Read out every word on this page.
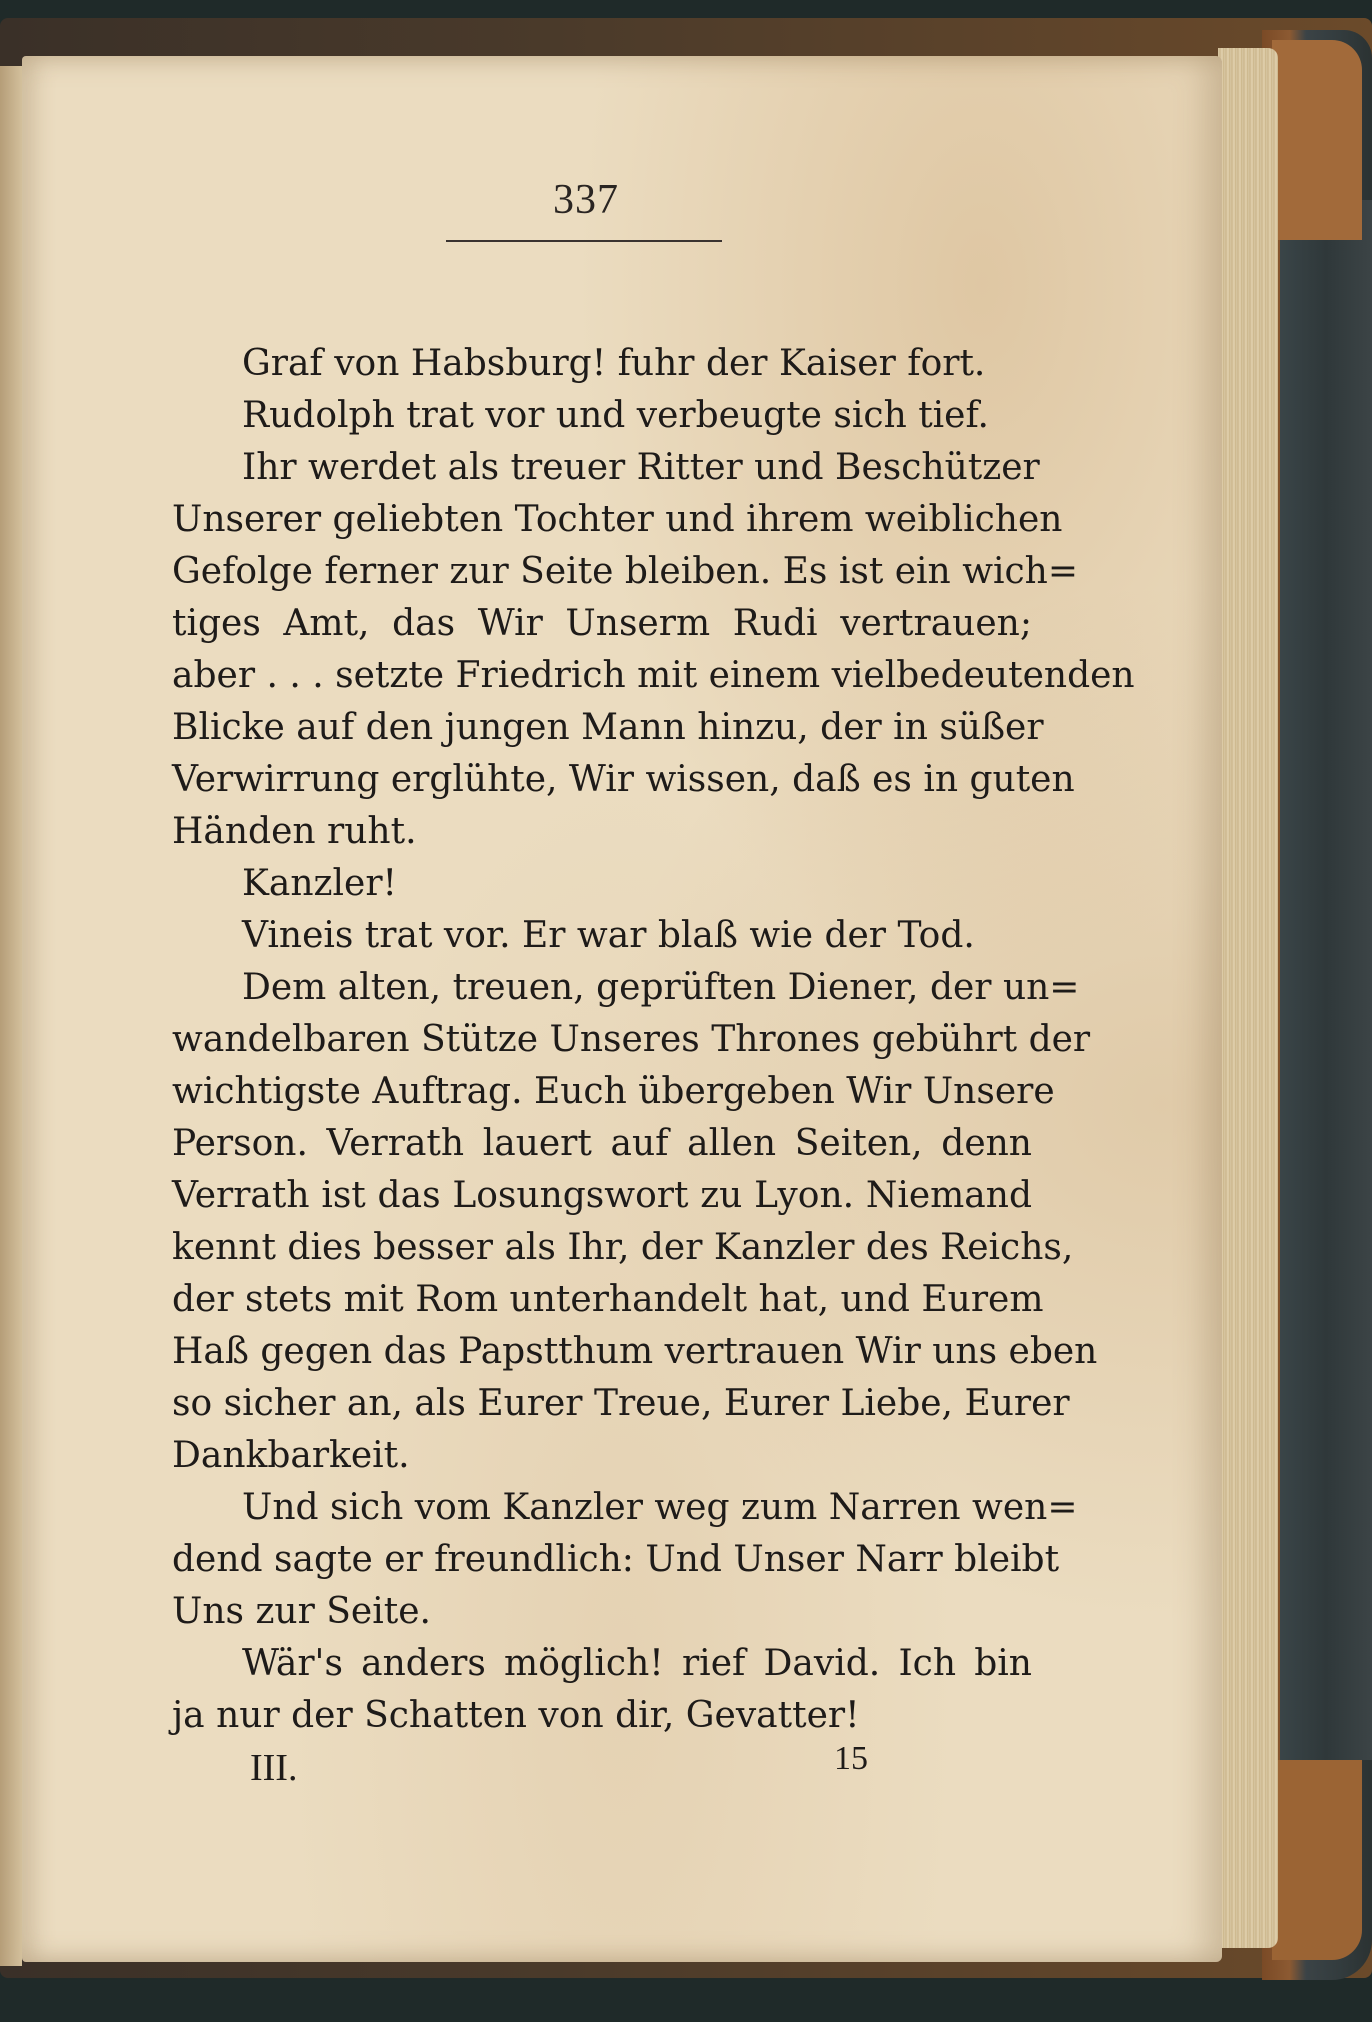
337
Graf von Habsburg! fuhr der Kaiser fort.
Rudolph trat vor und verbeugte sich tief.
Ihr werdet als treuer Ritter und Beschützer
Unserer geliebten Tochter und ihrem weiblichen
Gefolge ferner zur Seite bleiben. Es ist ein wich=
tiges Amt, das Wir Unserm Rudi vertrauen;
aber . . . setzte Friedrich mit einem vielbedeutenden
Blicke auf den jungen Mann hinzu, der in süßer
Verwirrung erglühte, Wir wissen, daß es in guten
Händen ruht.
Kanzler!
Vineis trat vor. Er war blaß wie der Tod.
Dem alten, treuen, geprüften Diener, der un=
wandelbaren Stütze Unseres Thrones gebührt der
wichtigste Auftrag. Euch übergeben Wir Unsere
Person. Verrath lauert auf allen Seiten, denn
Verrath ist das Losungswort zu Lyon. Niemand
kennt dies besser als Ihr, der Kanzler des Reichs,
der stets mit Rom unterhandelt hat, und Eurem
Haß gegen das Papstthum vertrauen Wir uns eben
so sicher an, als Eurer Treue, Eurer Liebe, Eurer
Dankbarkeit.
Und sich vom Kanzler weg zum Narren wen=
dend sagte er freundlich: Und Unser Narr bleibt
Uns zur Seite.
Wär's anders möglich! rief David. Ich bin
ja nur der Schatten von dir, Gevatter!
III.	15
